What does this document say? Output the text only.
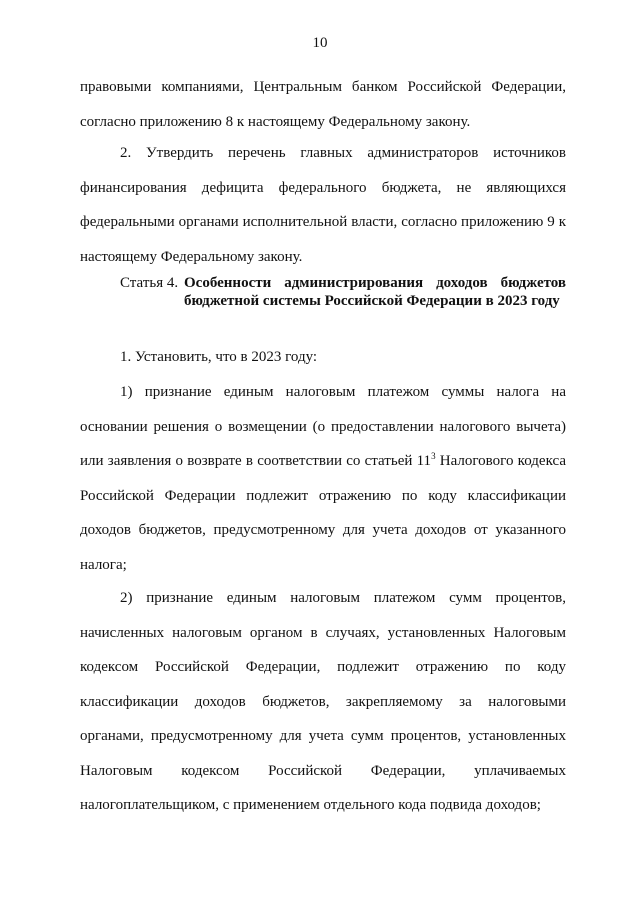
10

правовыми компаниями, Центральным банком Российской Федерации, согласно приложению 8 к настоящему Федеральному закону.

2. Утвердить перечень главных администраторов источников финансирования дефицита федерального бюджета, не являющихся федеральными органами исполнительной власти, согласно приложению 9 к настоящему Федеральному закону.

Статья 4. Особенности администрирования доходов бюджетов бюджетной системы Российской Федерации в 2023 году

1. Установить, что в 2023 году:

1) признание единым налоговым платежом суммы налога на основании решения о возмещении (о предоставлении налогового вычета) или заявления о возврате в соответствии со статьей $11^3$ Налогового кодекса Российской Федерации подлежит отражению по коду классификации доходов бюджетов, предусмотренному для учета доходов от указанного налога;

2) признание единым налоговым платежом сумм процентов, начисленных налоговым органом в случаях, установленных Налоговым кодексом Российской Федерации, подлежит отражению по коду классификации доходов бюджетов, закрепляемому за налоговыми органами, предусмотренному для учета сумм процентов, установленных Налоговым кодексом Российской Федерации, уплачиваемых налогоплательщиком, с применением отдельного кода подвида доходов;
